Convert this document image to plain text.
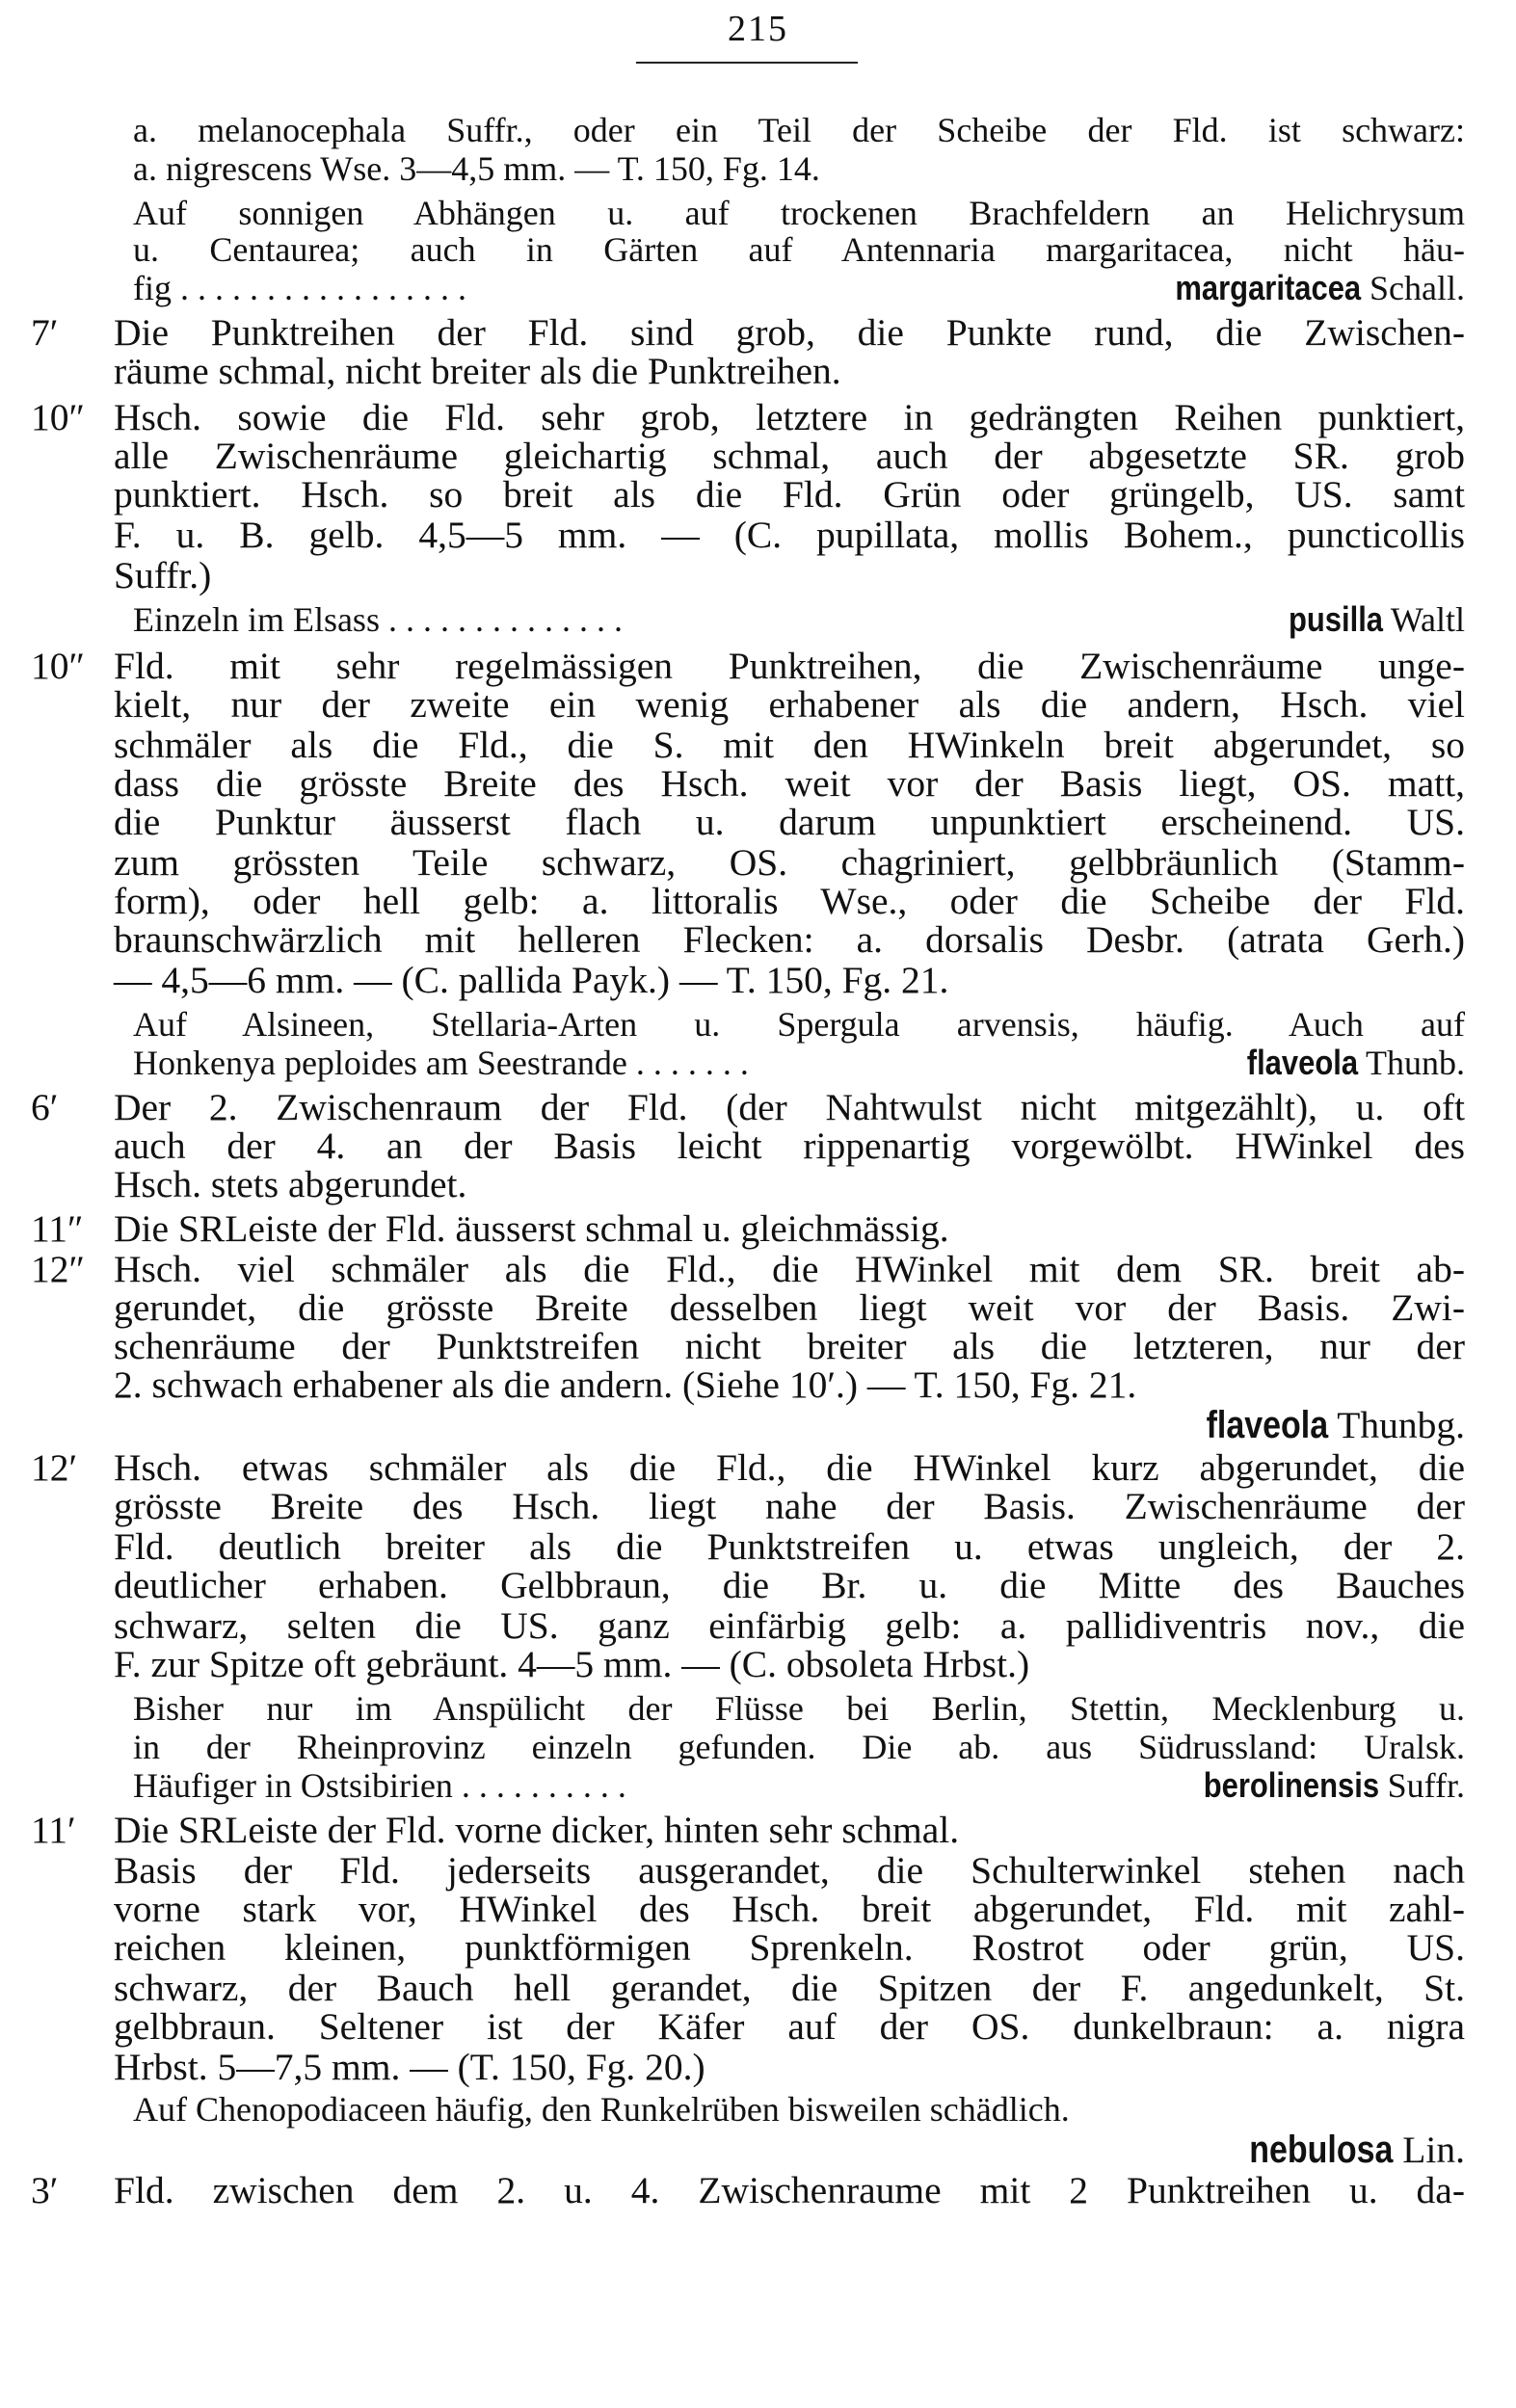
215
a. melanocephala Suffr., oder ein Teil der Scheibe der Fld. ist schwarz:
a. nigrescens Wse. 3—4,5 mm. — T. 150, Fg. 14.
Auf sonnigen Abhängen u. auf trockenen Brachfeldern an Helichrysum
u. Centaurea; auch in Gärten auf Antennaria margaritacea, nicht häu-
fig . . . . . . . . . . . . . . . . .	margaritacea Schall.
7′	Die Punktreihen der Fld. sind grob, die Punkte rund, die Zwischen-
räume schmal, nicht breiter als die Punktreihen.
10″ Hsch. sowie die Fld. sehr grob, letztere in gedrängten Reihen punktiert,
alle Zwischenräume gleichartig schmal, auch der abgesetzte SR. grob
punktiert. Hsch. so breit als die Fld. Grün oder grüngelb, US. samt
F. u. B. gelb. 4,5—5 mm. — (C. pupillata, mollis Bohem., puncticollis
Suffr.)
Einzeln im Elsass . . . . . . . . . . . . . .	pusilla Waltl
10″ Fld. mit sehr regelmässigen Punktreihen, die Zwischenräume unge-
kielt, nur der zweite ein wenig erhabener als die andern, Hsch. viel
schmäler als die Fld., die S. mit den HWinkeln breit abgerundet, so
dass die grösste Breite des Hsch. weit vor der Basis liegt, OS. matt,
die Punktur äusserst flach u. darum unpunktiert erscheinend. US.
zum grössten Teile schwarz, OS. chagriniert, gelbbräunlich (Stamm-
form), oder hell gelb: a. littoralis Wse., oder die Scheibe der Fld.
braunschwärzlich mit helleren Flecken: a. dorsalis Desbr. (atrata Gerh.)
— 4,5—6 mm. — (C. pallida Payk.) — T. 150, Fg. 21.
Auf Alsineen, Stellaria-Arten u. Spergula arvensis, häufig. Auch auf
Honkenya peploides am Seestrande . . . . . . .	flaveola Thunb.
6′	Der 2. Zwischenraum der Fld. (der Nahtwulst nicht mitgezählt), u. oft
auch der 4. an der Basis leicht rippenartig vorgewölbt. HWinkel des
Hsch. stets abgerundet.
11″ Die SRLeiste der Fld. äusserst schmal u. gleichmässig.
12″ Hsch. viel schmäler als die Fld., die HWinkel mit dem SR. breit ab-
gerundet, die grösste Breite desselben liegt weit vor der Basis. Zwi-
schenräume der Punktstreifen nicht breiter als die letzteren, nur der
2. schwach erhabener als die andern. (Siehe 10′.) — T. 150, Fg. 21.
flaveola Thunbg.
12′ Hsch. etwas schmäler als die Fld., die HWinkel kurz abgerundet, die
grösste Breite des Hsch. liegt nahe der Basis. Zwischenräume der
Fld. deutlich breiter als die Punktstreifen u. etwas ungleich, der 2.
deutlicher erhaben. Gelbbraun, die Br. u. die Mitte des Bauches
schwarz, selten die US. ganz einfärbig gelb: a. pallidiventris nov., die
F. zur Spitze oft gebräunt. 4—5 mm. — (C. obsoleta Hrbst.)
Bisher nur im Anspülicht der Flüsse bei Berlin, Stettin, Mecklenburg u.
in der Rheinprovinz einzeln gefunden. Die ab. aus Südrussland: Uralsk.
Häufiger in Ostsibirien . . . . . . . . . .	berolinensis Suffr.
11′ Die SRLeiste der Fld. vorne dicker, hinten sehr schmal.
Basis der Fld. jederseits ausgerandet, die Schulterwinkel stehen nach
vorne stark vor, HWinkel des Hsch. breit abgerundet, Fld. mit zahl-
reichen kleinen, punktförmigen Sprenkeln. Rostrot oder grün, US.
schwarz, der Bauch hell gerandet, die Spitzen der F. angedunkelt, St.
gelbbraun. Seltener ist der Käfer auf der OS. dunkelbraun: a. nigra
Hrbst. 5—7,5 mm. — (T. 150, Fg. 20.)
Auf Chenopodiaceen häufig, den Runkelrüben bisweilen schädlich.
nebulosa Lin.
3′	Fld. zwischen dem 2. u. 4. Zwischenraume mit 2 Punktreihen u. da-
